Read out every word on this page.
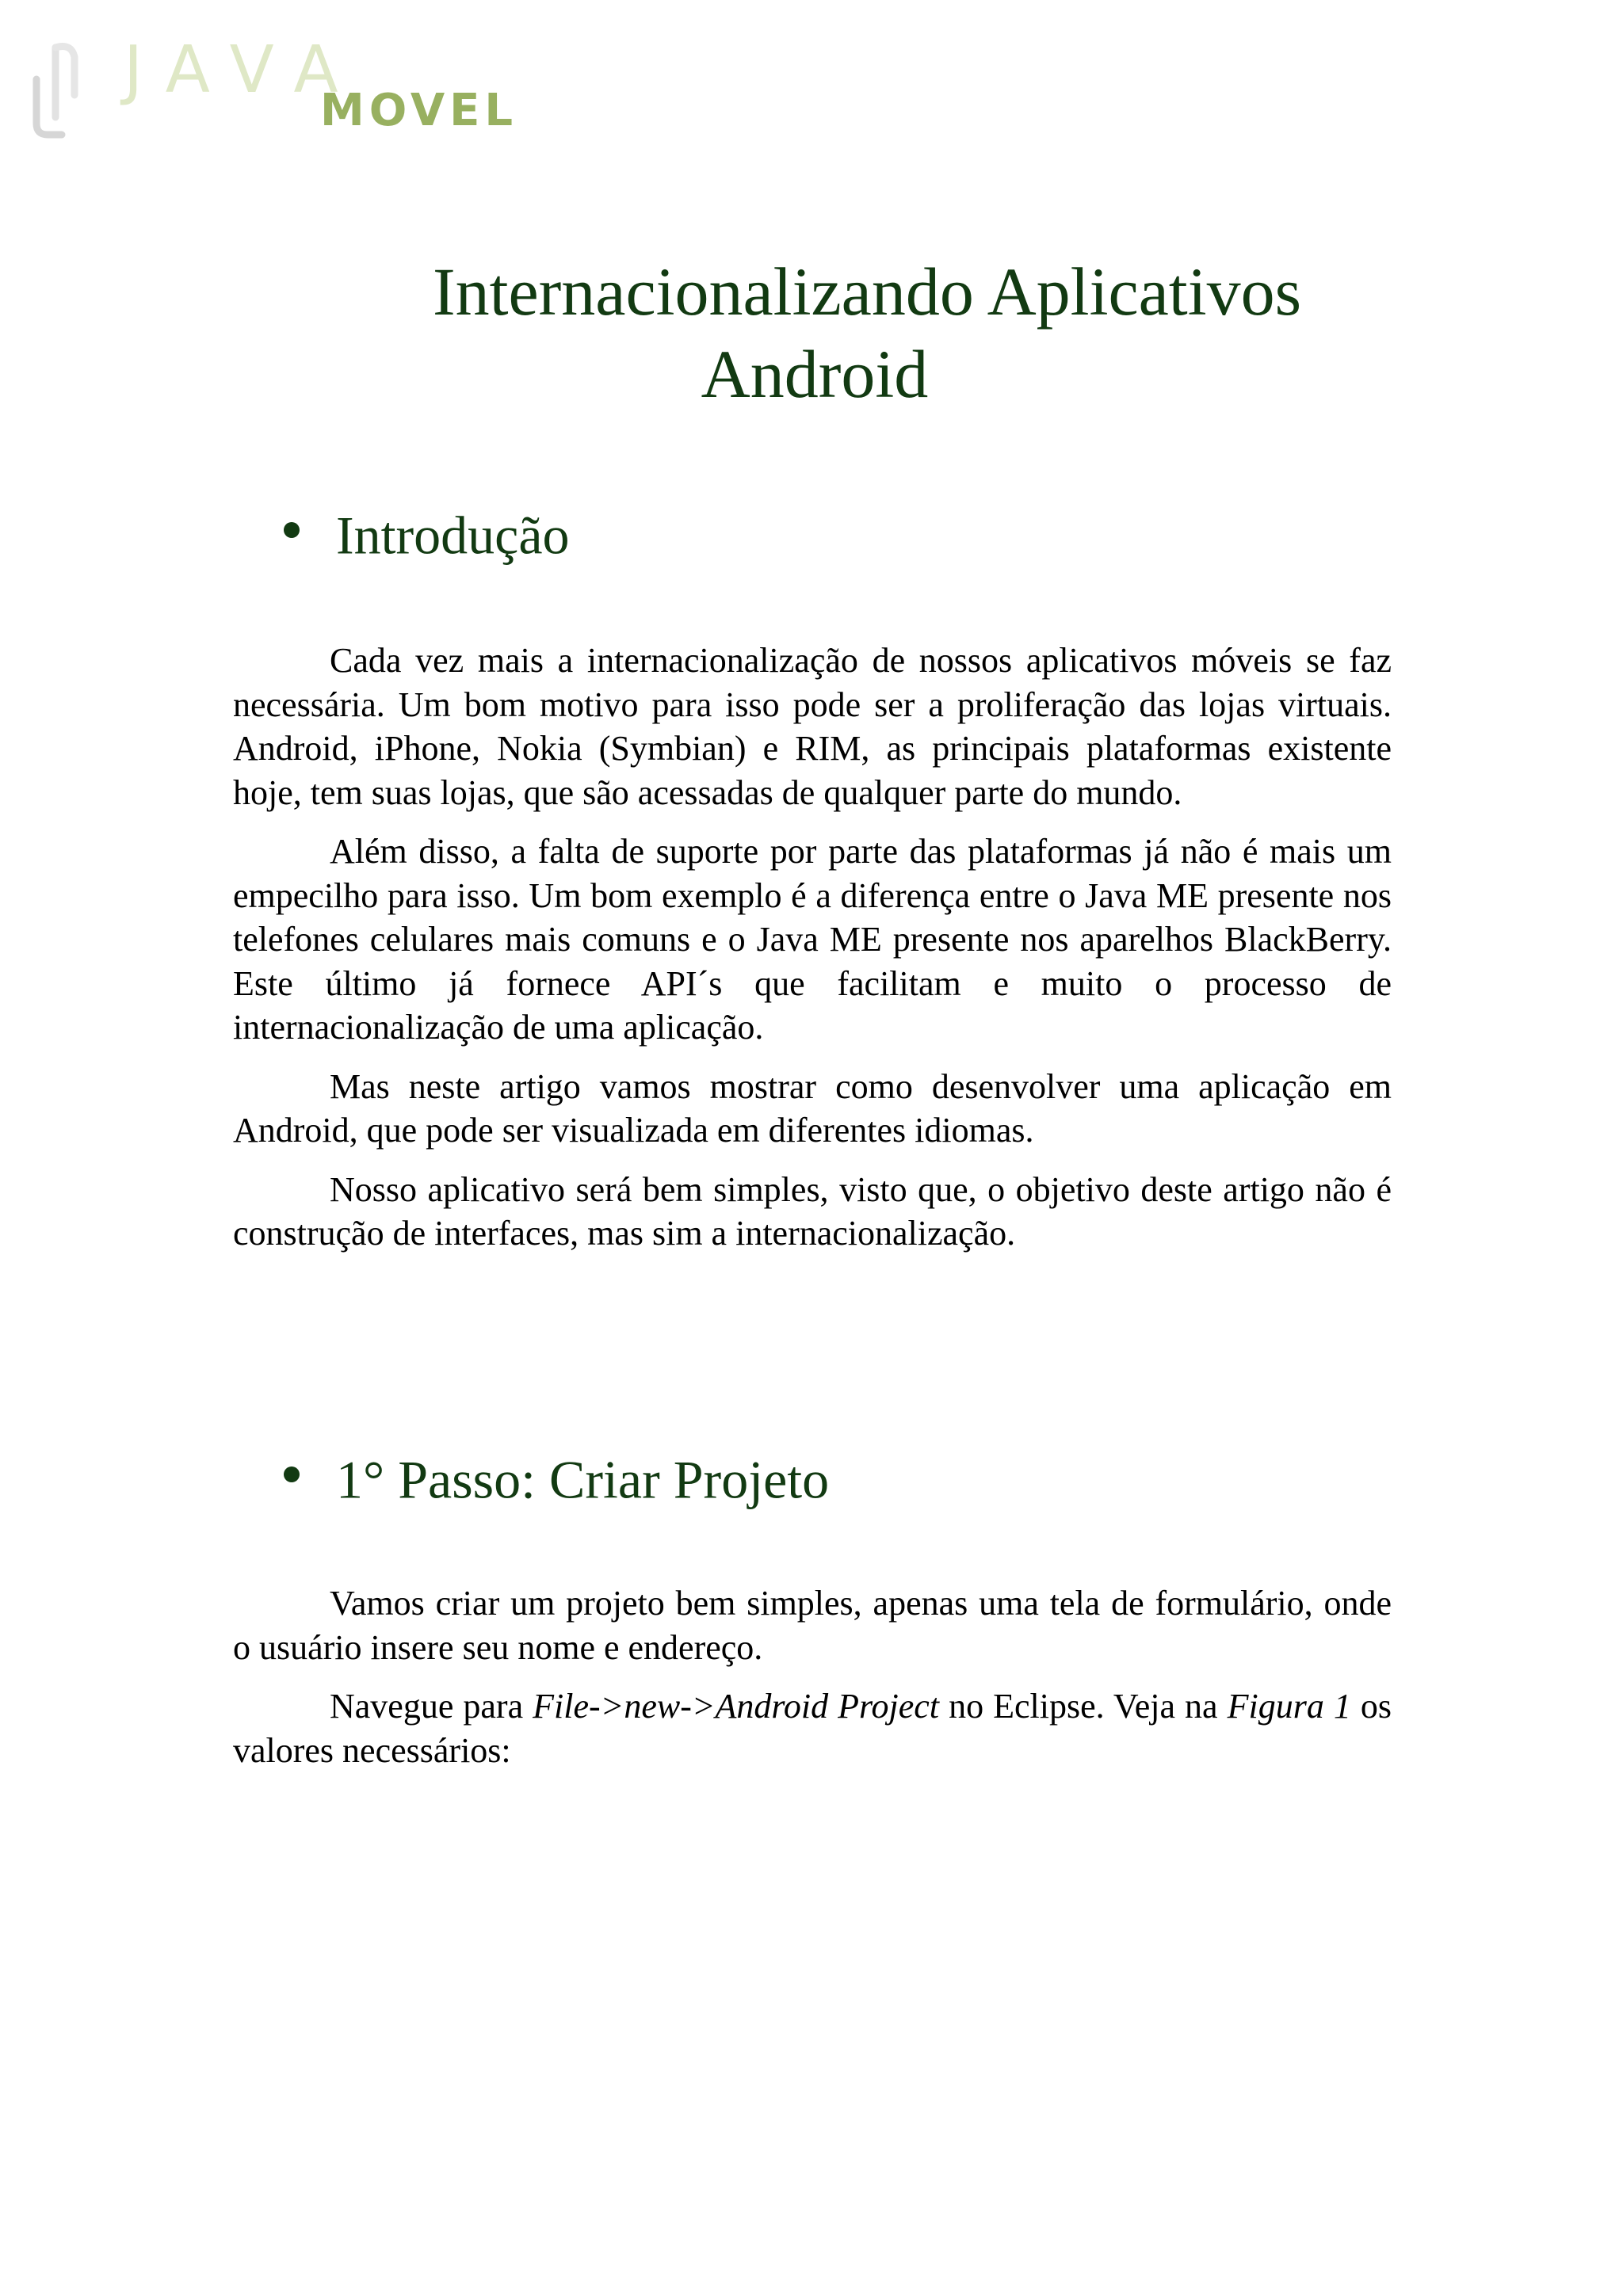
JAVA
MOVEL
Internacionalizando Aplicativos
Android
Introdução

Cada vez mais a internacionalização de nossos aplicativos móveis se faz necessária. Um bom motivo para isso pode ser a proliferação das lojas virtuais. Android, iPhone, Nokia (Symbian) e RIM, as principais plataformas existente hoje, tem suas lojas, que são acessadas de qualquer parte do mundo.

Além disso, a falta de suporte por parte das plataformas já não é mais um empecilho para isso. Um bom exemplo é a diferença entre o Java ME presente nos telefones celulares mais comuns e o Java ME presente nos aparelhos BlackBerry. Este último já fornece API´s que facilitam e muito o processo de internacionalização de uma aplicação.

Mas neste artigo vamos mostrar como desenvolver uma aplicação em Android, que pode ser visualizada em diferentes idiomas.

Nosso aplicativo será bem simples, visto que, o objetivo deste artigo não é construção de interfaces, mas sim a internacionalização.

1° Passo: Criar Projeto

Vamos criar um projeto bem simples, apenas uma tela de formulário, onde o usuário insere seu nome e endereço.

Navegue para File->new->Android Project no Eclipse. Veja na Figura 1 os valores necessários:
